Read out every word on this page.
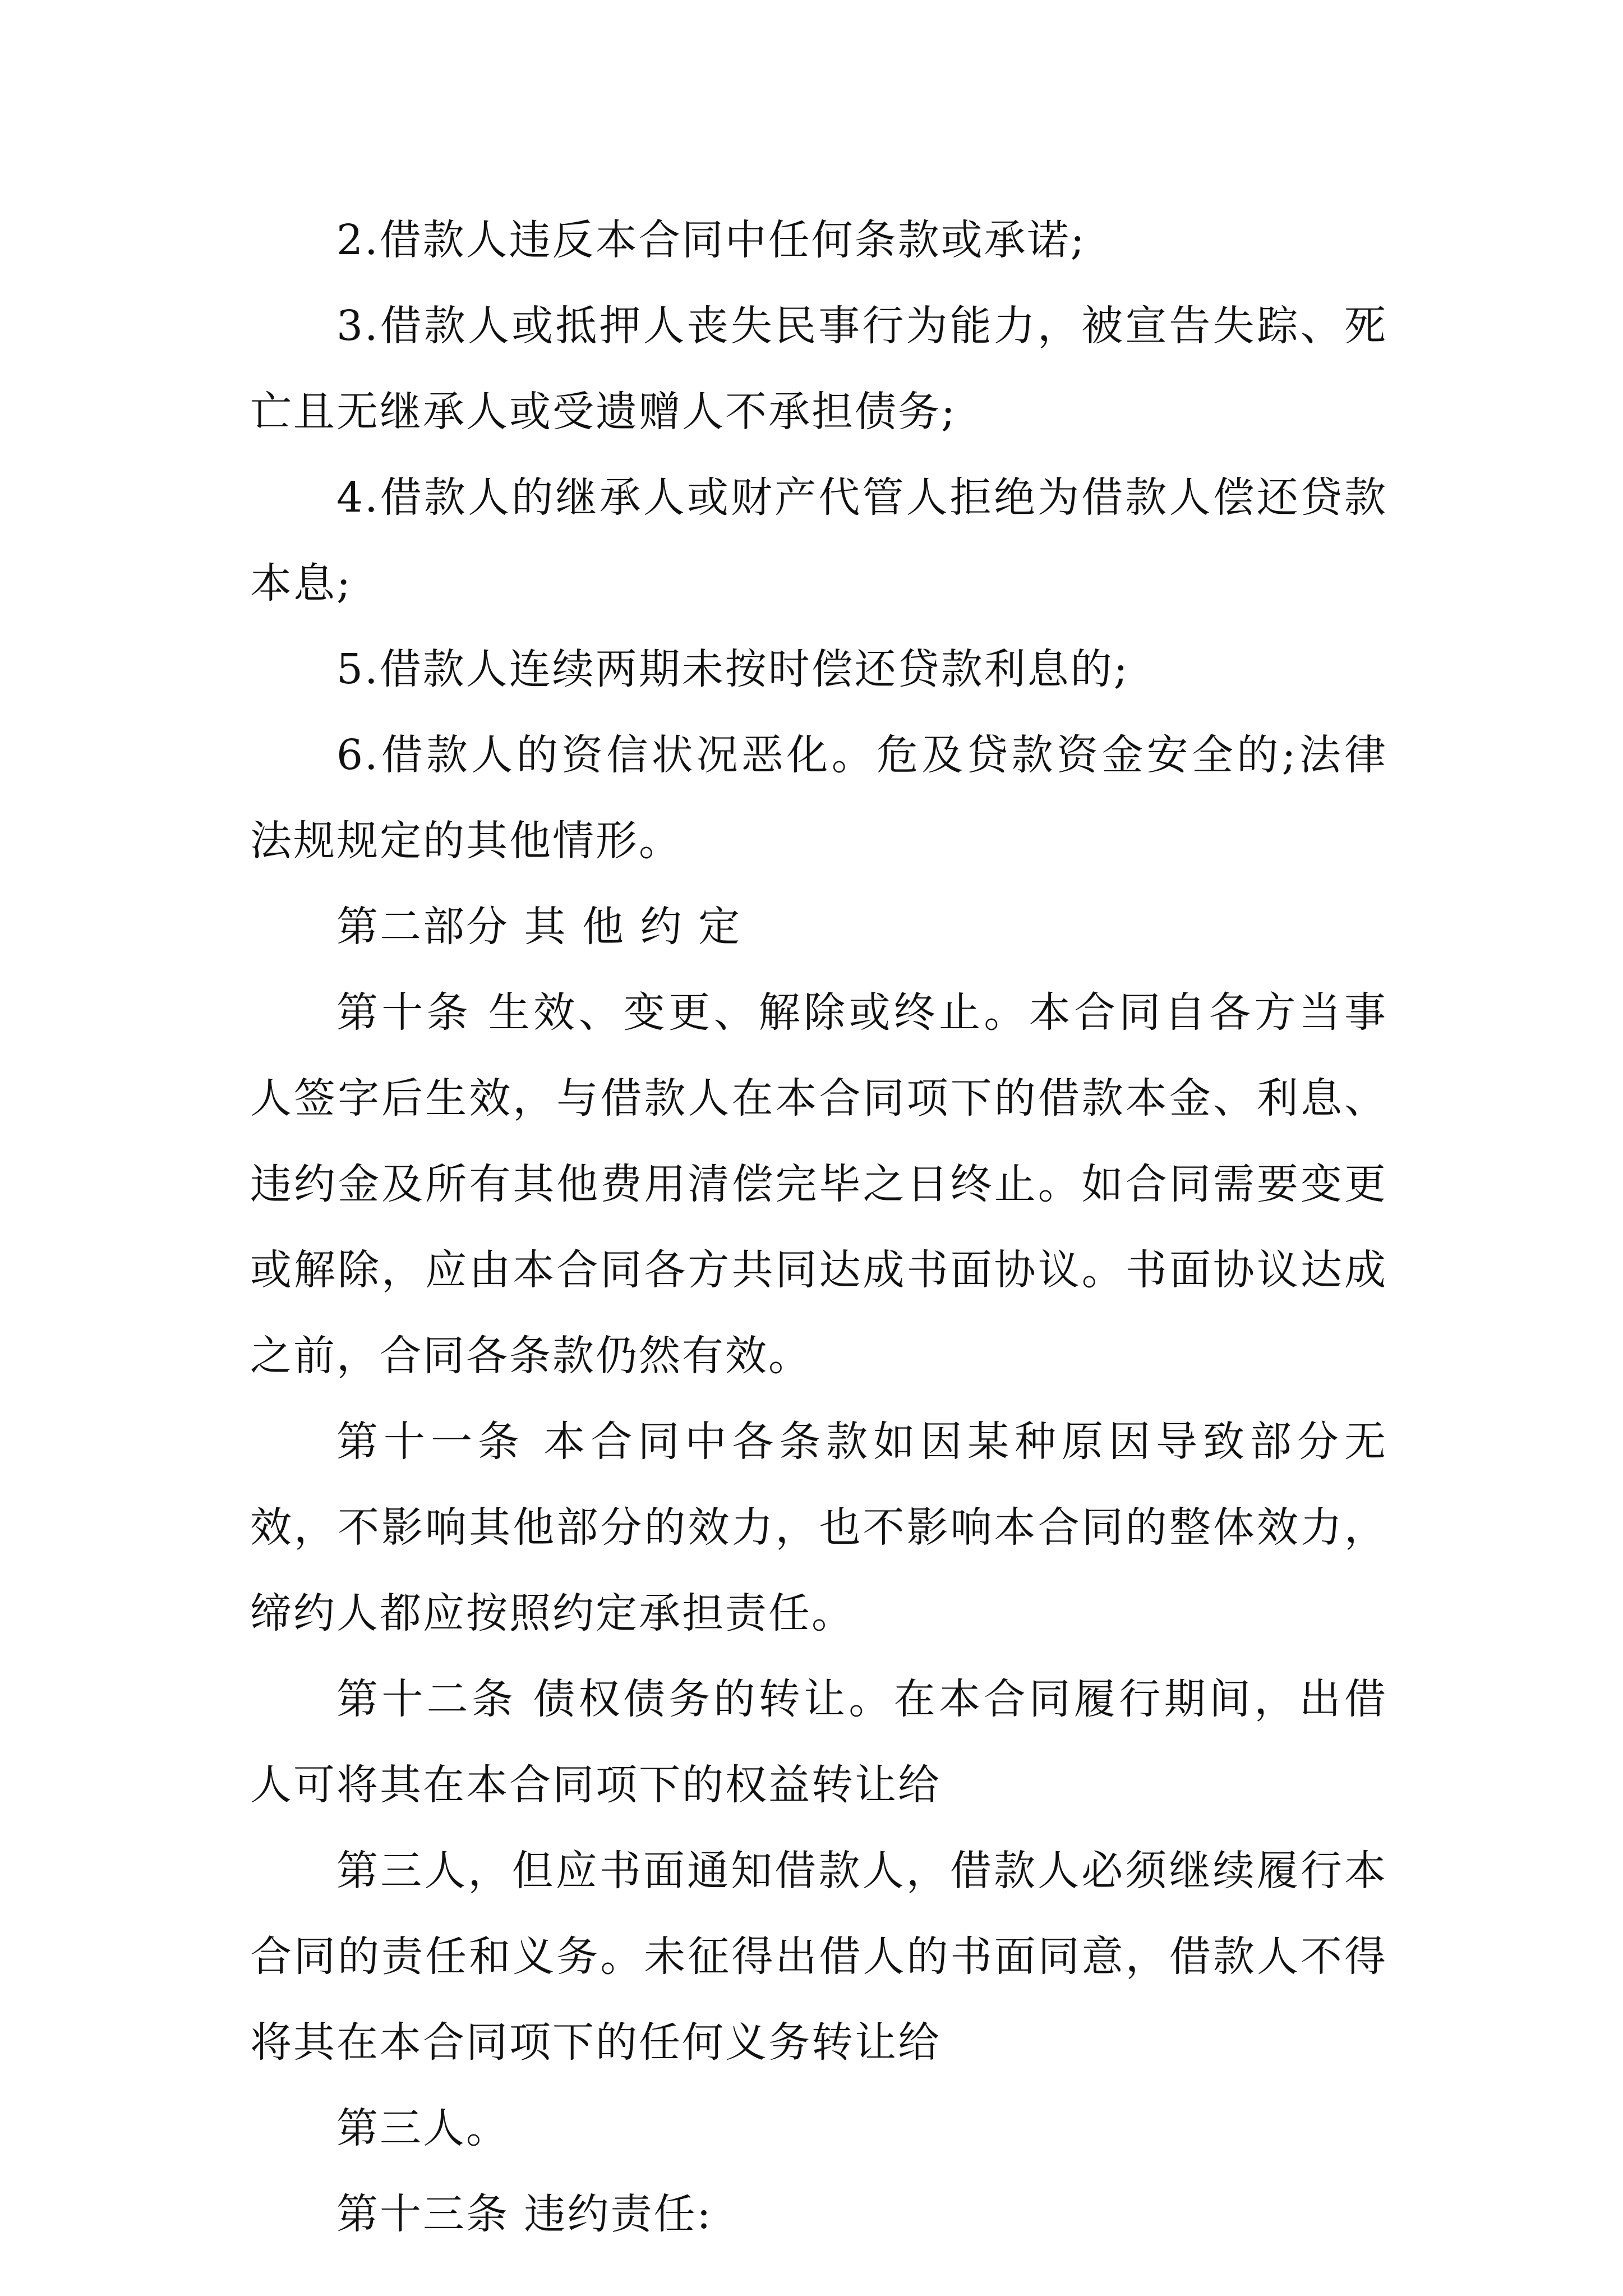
2.借款人违反本合同中任何条款或承诺;

3.借款人或抵押人丧失民事行为能力，被宣告失踪、死亡且无继承人或受遗赠人不承担债务;

4.借款人的继承人或财产代管人拒绝为借款人偿还贷款本息;

5.借款人连续两期未按时偿还贷款利息的;

6.借款人的资信状况恶化。危及贷款资金安全的;法律法规规定的其他情形。

第二部分 其 他 约 定

第十条 生效、变更、解除或终止。本合同自各方当事人签字后生效，与借款人在本合同项下的借款本金、利息、违约金及所有其他费用清偿完毕之日终止。如合同需要变更或解除，应由本合同各方共同达成书面协议。书面协议达成之前，合同各条款仍然有效。

第十一条 本合同中各条款如因某种原因导致部分无效，不影响其他部分的效力，也不影响本合同的整体效力，缔约人都应按照约定承担责任。

第十二条 债权债务的转让。在本合同履行期间，出借人可将其在本合同项下的权益转让给

第三人，但应书面通知借款人，借款人必须继续履行本合同的责任和义务。未征得出借人的书面同意，借款人不得将其在本合同项下的任何义务转让给

第三人。

第十三条 违约责任:
